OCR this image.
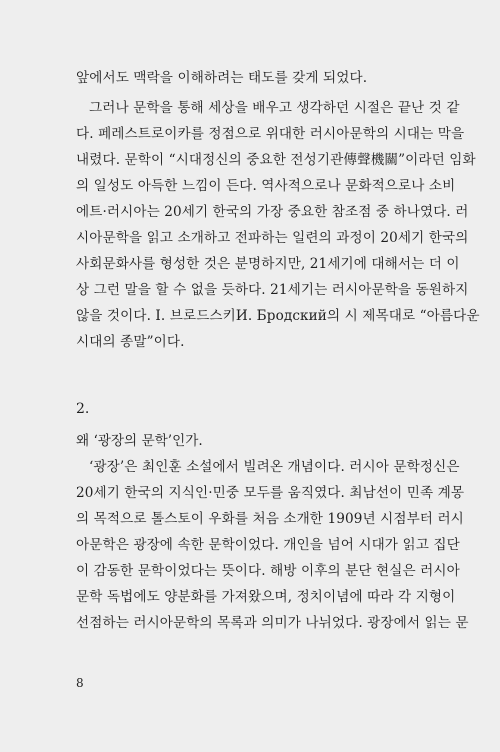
앞에서도 맥락을 이해하려는 태도를 갖게 되었다.
그러나 문학을 통해 세상을 배우고 생각하던 시절은 끝난 것 같
다. 페레스트로이카를 정점으로 위대한 러시아문학의 시대는 막을
내렸다. 문학이 “시대정신의 중요한 전성기관傳聲機關”이라던 임화
의 일성도 아득한 느낌이 든다. 역사적으로나 문화적으로나 소비
에트·러시아는 20세기 한국의 가장 중요한 참조점 중 하나였다. 러
시아문학을 읽고 소개하고 전파하는 일련의 과정이 20세기 한국의
사회문화사를 형성한 것은 분명하지만, 21세기에 대해서는 더 이
상 그런 말을 할 수 없을 듯하다. 21세기는 러시아문학을 동원하지
않을 것이다. I. 브로드스키И. Бродский의 시 제목대로 “아름다운
시대의 종말”이다.
2.
왜 ‘광장의 문학’인가.
‘광장’은 최인훈 소설에서 빌려온 개념이다. 러시아 문학정신은
20세기 한국의 지식인·민중 모두를 움직였다. 최남선이 민족 계몽
의 목적으로 톨스토이 우화를 처음 소개한 1909년 시점부터 러시
아문학은 광장에 속한 문학이었다. 개인을 넘어 시대가 읽고 집단
이 감동한 문학이었다는 뜻이다. 해방 이후의 분단 현실은 러시아
문학 독법에도 양분화를 가져왔으며, 정치이념에 따라 각 지형이
선점하는 러시아문학의 목록과 의미가 나뉘었다. 광장에서 읽는 문
8
